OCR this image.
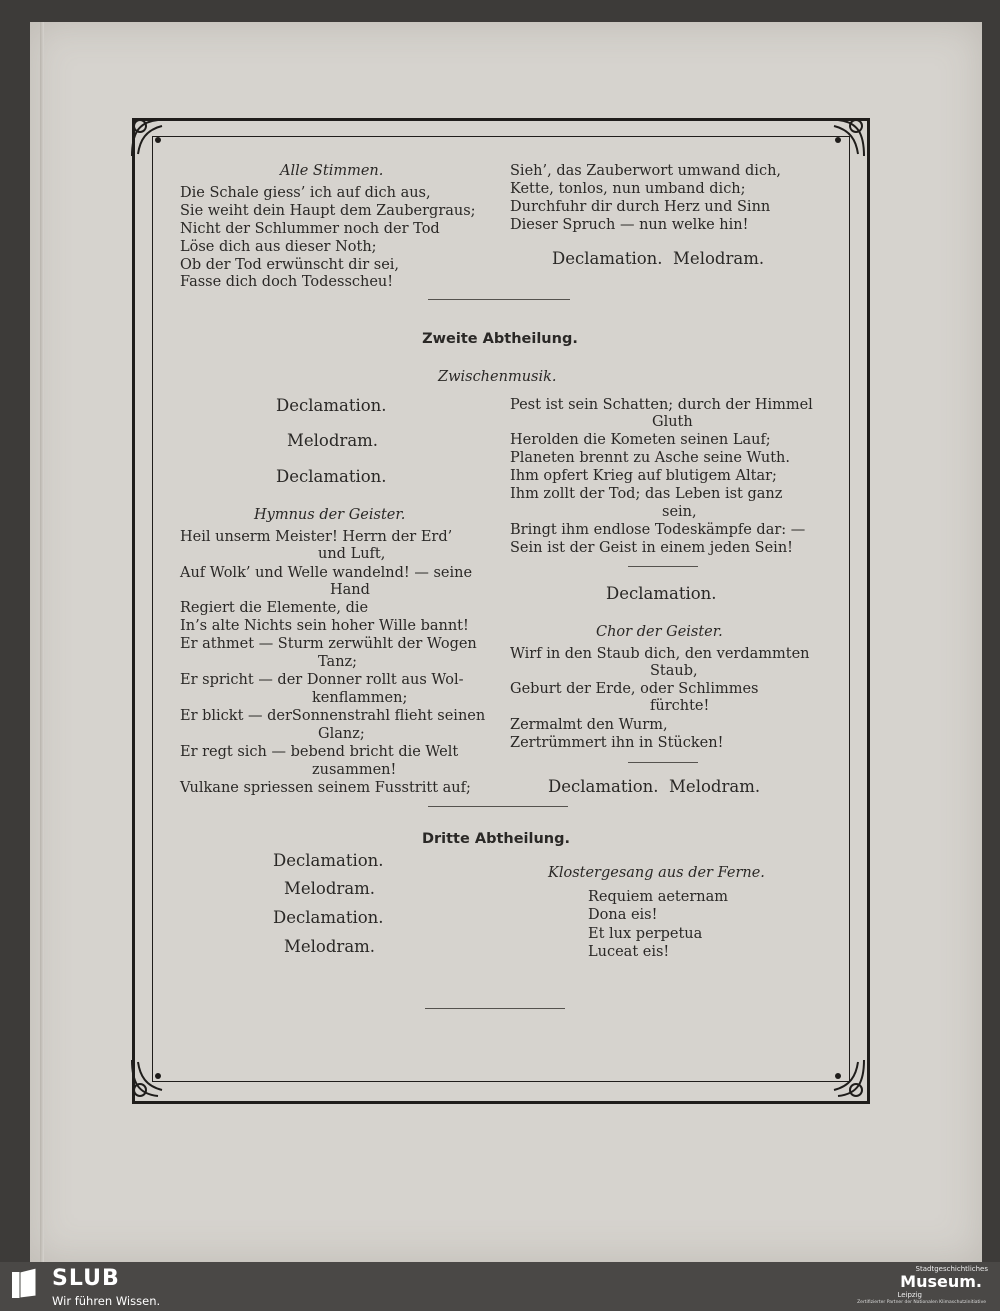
Alle Stimmen.
Die Schale giess’ ich auf dich aus,
Sie weiht dein Haupt dem Zaubergraus;
Nicht der Schlummer noch der Tod
Löse dich aus dieser Noth;
Ob der Tod erwünscht dir sei,
Fasse dich doch Todesscheu!
Sieh’, das Zauberwort umwand dich,
Kette, tonlos, nun umband dich;
Durchfuhr dir durch Herz und Sinn
Dieser Spruch — nun welke hin!
Declamation.  Melodram.
Zweite Abtheilung.
Zwischenmusik.
Declamation.
Melodram.
Declamation.
Hymnus der Geister.
Heil unserm Meister! Herrn der Erd’
und Luft,
Auf Wolk’ und Welle wandelnd! — seine
Hand
Regiert die Elemente, die
In’s alte Nichts sein hoher Wille bannt!
Er athmet — Sturm zerwühlt der Wogen
Tanz;
Er spricht — der Donner rollt aus Wol-
kenflammen;
Er blickt — derSonnenstrahl flieht seinen
Glanz;
Er regt sich — bebend bricht die Welt
zusammen!
Vulkane spriessen seinem Fusstritt auf;
Pest ist sein Schatten; durch der Himmel
Gluth
Herolden die Kometen seinen Lauf;
Planeten brennt zu Asche seine Wuth.
Ihm opfert Krieg auf blutigem Altar;
Ihm zollt der Tod; das Leben ist ganz
sein,
Bringt ihm endlose Todeskämpfe dar: —
Sein ist der Geist in einem jeden Sein!
Declamation.
Chor der Geister.
Wirf in den Staub dich, den verdammten
Staub,
Geburt der Erde, oder Schlimmes
fürchte!
Zermalmt den Wurm,
Zertrümmert ihn in Stücken!
Declamation.  Melodram.
Dritte Abtheilung.
Declamation.
Melodram.
Declamation.
Melodram.
Klostergesang aus der Ferne.
Requiem aeternam
Dona eis!
Et lux perpetua
Luceat eis!
SLUB
Wir führen Wissen.
Stadtgeschichtliches
Museum.
Leipzig
Zertifizierter Partner der Nationalen Klimaschutzinitiative
